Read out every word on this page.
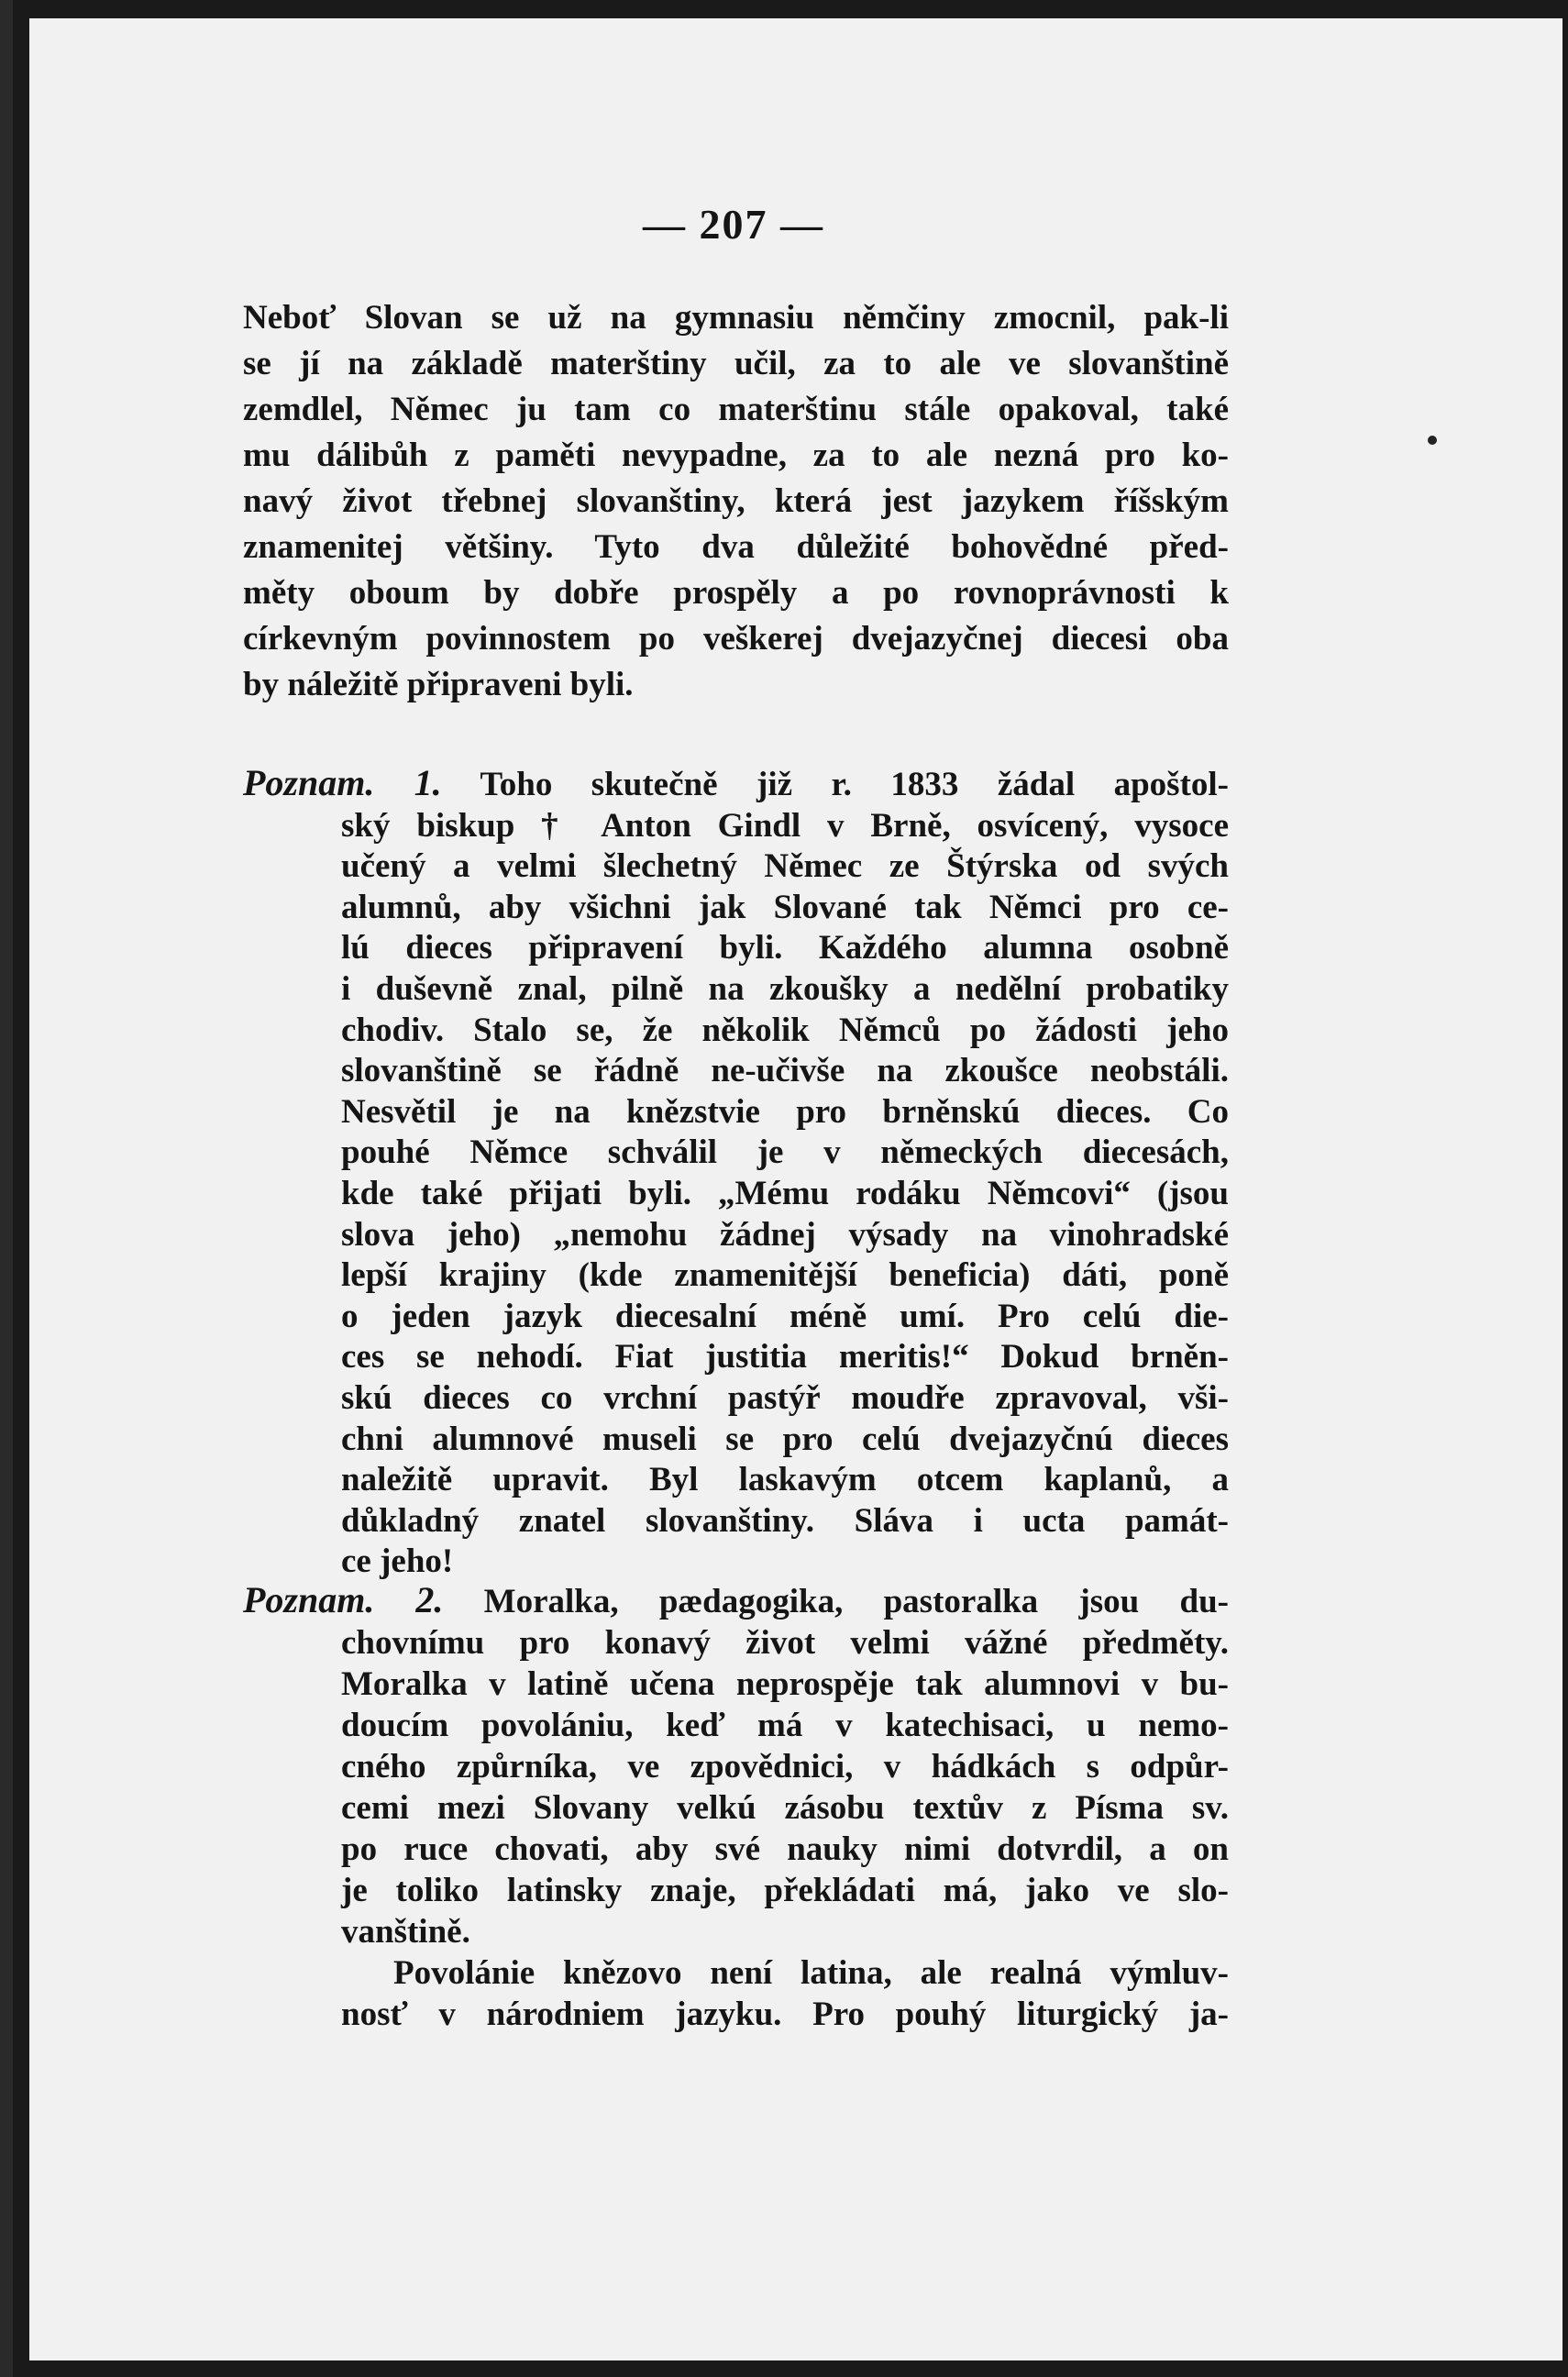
— 207 —
Neboť Slovan se už na gymnasiu němčiny zmocnil, pak-li
se jí na základě materštiny učil, za to ale ve slovanštině
zemdlel, Němec ju tam co materštinu stále opakoval, také
mu dálibůh z paměti nevypadne, za to ale nezná pro ko-
navý život třebnej slovanštiny, která jest jazykem říšským
znamenitej většiny. Tyto dva důležité bohovědné před-
měty oboum by dobře prospěly a po rovnoprávnosti k
církevným povinnostem po veškerej dvejazyčnej diecesi oba
by náležitě připraveni byli.
Poznam. 1. Toho skutečně již r. 1833 žádal apoštol-
ský biskup † Anton Gindl v Brně, osvícený, vysoce
učený a velmi šlechetný Němec ze Štýrska od svých
alumnů, aby všichni jak Slované tak Němci pro ce-
lú dieces připravení byli. Každého alumna osobně
i duševně znal, pilně na zkoušky a nedělní probatiky
chodiv. Stalo se, že několik Němců po žádosti jeho
slovanštině se řádně ne-učivše na zkoušce neobstáli.
Nesvětil je na knězstvie pro brněnskú dieces. Co
pouhé Němce schválil je v německých diecesách,
kde také přijati byli. „Mému rodáku Němcovi“ (jsou
slova jeho) „nemohu žádnej výsady na vinohradské
lepší krajiny (kde znamenitější beneficia) dáti, poně
o jeden jazyk diecesalní méně umí. Pro celú die-
ces se nehodí. Fiat justitia meritis!“ Dokud brněn-
skú dieces co vrchní pastýř moudře zpravoval, vši-
chni alumnové museli se pro celú dvejazyčnú dieces
naležitě upravit. Byl laskavým otcem kaplanů, a
důkladný znatel slovanštiny. Sláva i ucta památ-
ce jeho!
Poznam. 2. Moralka, pædagogika, pastoralka jsou du-
chovnímu pro konavý život velmi vážné předměty.
Moralka v latině učena neprospěje tak alumnovi v bu-
doucím povolániu, keď má v katechisaci, u nemo-
cného způrníka, ve zpovědnici, v hádkách s odpůr-
cemi mezi Slovany velkú zásobu textův z Písma sv.
po ruce chovati, aby své nauky nimi dotvrdil, a on
je toliko latinsky znaje, překládati má, jako ve slo-
vanštině.
Povolánie knězovo není latina, ale realná výmluv-
nosť v národniem jazyku. Pro pouhý liturgický ja-
